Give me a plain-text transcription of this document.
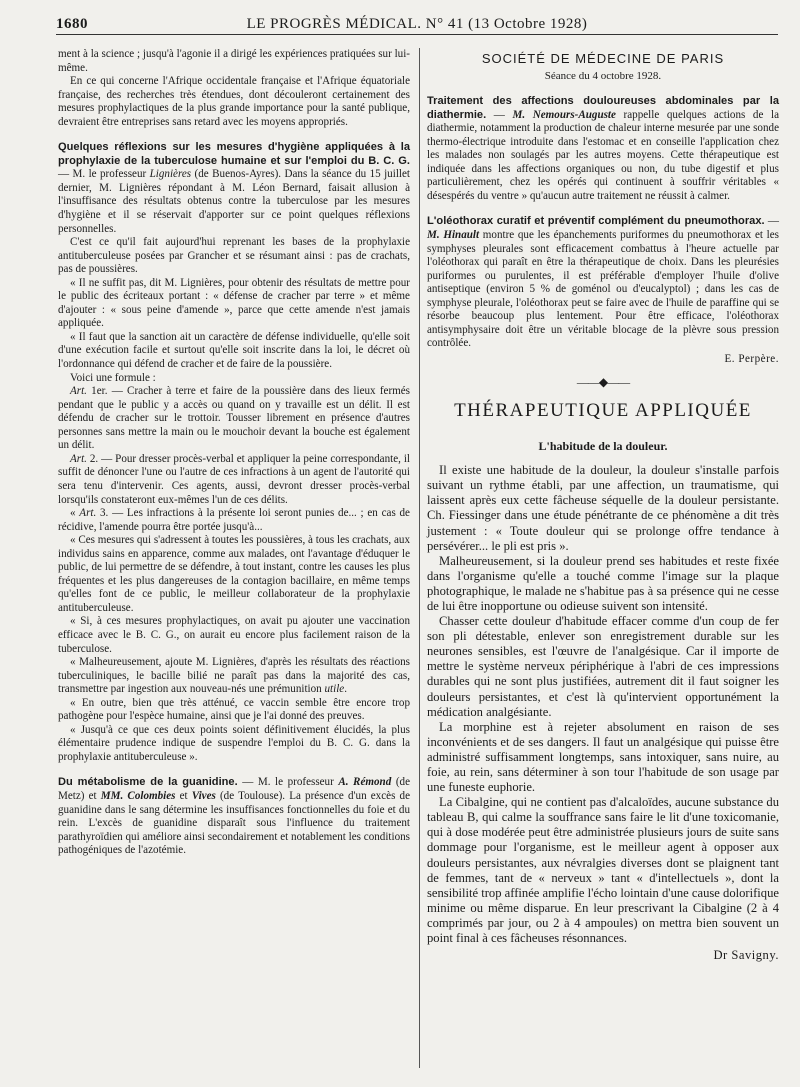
1680	LE PROGRÈS MÉDICAL. N° 41 (13 Octobre 1928)

ment à la science ; jusqu'à l'agonie il a dirigé les expériences pratiquées sur lui-même.

En ce qui concerne l'Afrique occidentale française et l'Afrique équatoriale française, des recherches très étendues, dont découleront certainement des mesures prophylactiques de la plus grande importance pour la santé publique, devraient être entreprises sans retard avec les moyens appropriés.

Quelques réflexions sur les mesures d'hygiène appliquées à la prophylaxie de la tuberculose humaine et sur l'emploi du B. C. G. — M. le professeur Lignières (de Buenos-Ayres). Dans la séance du 15 juillet dernier, M. Lignières répondant à M. Léon Bernard, faisait allusion à l'insuffisance des résultats obtenus contre la tuberculose par les mesures d'hygiène et il se réservait d'apporter sur ce point quelques réflexions personnelles.

C'est ce qu'il fait aujourd'hui reprenant les bases de la prophylaxie antituberculeuse posées par Grancher et se résumant ainsi : pas de crachats, pas de poussières.

« Il ne suffit pas, dit M. Lignières, pour obtenir des résultats de mettre pour le public des écriteaux portant : « défense de cracher par terre » et même d'ajouter : « sous peine d'amende », parce que cette amende n'est jamais appliquée.

« Il faut que la sanction ait un caractère de défense individuelle, qu'elle soit d'une exécution facile et surtout qu'elle soit inscrite dans la loi, le décret où l'ordonnance qui défend de cracher et de faire de la poussière.

Voici une formule :

Art. 1er. — Cracher à terre et faire de la poussière dans des lieux fermés pendant que le public y a accès ou quand on y travaille est un délit. Il est défendu de cracher sur le trottoir. Tousser librement en présence d'autres personnes sans mettre la main ou le mouchoir devant la bouche est également un délit.

Art. 2. — Pour dresser procès-verbal et appliquer la peine correspondante, il suffit de dénoncer l'une ou l'autre de ces infractions à un agent de l'autorité qui sera tenu d'intervenir. Ces agents, aussi, devront dresser procès-verbal lorsqu'ils constateront eux-mêmes l'un de ces délits.

« Art. 3. — Les infractions à la présente loi seront punies de... ; en cas de récidive, l'amende pourra être portée jusqu'à...

« Ces mesures qui s'adressent à toutes les poussières, à tous les crachats, aux individus sains en apparence, comme aux malades, ont l'avantage d'éduquer le public, de lui permettre de se défendre, à tout instant, contre les causes les plus fréquentes et les plus dangereuses de la contagion bacillaire, en même temps qu'elles font de ce public, le meilleur collaborateur de la prophylaxie antituberculeuse.

« Si, à ces mesures prophylactiques, on avait pu ajouter une vaccination efficace avec le B. C. G., on aurait eu encore plus facilement raison de la tuberculose.

« Malheureusement, ajoute M. Lignières, d'après les résultats des réactions tuberculiniques, le bacille bilié ne paraît pas dans la majorité des cas, transmettre par ingestion aux nouveau-nés une prémunition utile.

« En outre, bien que très atténué, ce vaccin semble être encore trop pathogène pour l'espèce humaine, ainsi que je l'ai donné des preuves.

« Jusqu'à ce que ces deux points soient définitivement élucidés, la plus élémentaire prudence indique de suspendre l'emploi du B. C. G. dans la prophylaxie antituberculeuse ».

Du métabolisme de la guanidine. — M. le professeur A. Rémond (de Metz) et MM. Colombies et Vives (de Toulouse). La présence d'un excès de guanidine dans le sang détermine les insuffisances fonctionnelles du foie et du rein. L'excès de guanidine disparaît sous l'influence du traitement parathyroïdien qui améliore ainsi secondairement et notablement les conditions pathogéniques de l'azotémie.

SOCIÉTÉ DE MÉDECINE DE PARIS
Séance du 4 octobre 1928.

Traitement des affections douloureuses abdominales par la diathermie. — M. Nemours-Auguste rappelle quelques actions de la diathermie, notamment la production de chaleur interne mesurée par une sonde thermo-électrique introduite dans l'estomac et en conseille l'application chez les malades non soulagés par les autres moyens. Cette thérapeutique est indiquée dans les affections organiques ou non, du tube digestif et plus particulièrement, chez les opérés qui continuent à souffrir véritables « désespérés du ventre » qu'aucun autre traitement ne réussit à calmer.

L'oléothorax curatif et préventif complément du pneumothorax. — M. Hinault montre que les épanchements puriformes du pneumothorax et les symphyses pleurales sont efficacement combattus à l'heure actuelle par l'oléothorax qui paraît en être la thérapeutique de choix. Dans les pleurésies puriformes ou purulentes, il est préférable d'employer l'huile d'olive antiseptique (environ 5 % de goménol ou d'eucalyptol) ; dans les cas de symphyse pleurale, l'oléothorax peut se faire avec de l'huile de paraffine qui se résorbe beaucoup plus lentement. Pour être efficace, l'oléothorax antisymphysaire doit être un véritable blocage de la plèvre sous pression contrôlée.

E. Perpère.
——◆——
THÉRAPEUTIQUE APPLIQUÉE
L'habitude de la douleur.

Il existe une habitude de la douleur, la douleur s'installe parfois suivant un rythme établi, par une affection, un traumatisme, qui laissent après eux cette fâcheuse séquelle de la douleur persistante. Ch. Fiessinger dans une étude pénétrante de ce phénomène a dit très justement : « Toute douleur qui se prolonge offre tendance à persévérer... le pli est pris ».

Malheureusement, si la douleur prend ses habitudes et reste fixée dans l'organisme qu'elle a touché comme l'image sur la plaque photographique, le malade ne s'habitue pas à sa présence qui ne cesse de lui être inopportune ou odieuse suivent son intensité.

Chasser cette douleur d'habitude effacer comme d'un coup de fer son pli détestable, enlever son enregistrement durable sur les neurones sensibles, est l'œuvre de l'analgésique. Car il importe de mettre le système nerveux périphérique à l'abri de ces impressions durables qui ne sont plus justifiées, autrement dit il faut soigner les douleurs persistantes, et c'est là qu'intervient opportunément la médication analgésiante.

La morphine est à rejeter absolument en raison de ses inconvénients et de ses dangers. Il faut un analgésique qui puisse être administré suffisamment longtemps, sans intoxiquer, sans nuire, au foie, au rein, sans déterminer à son tour l'habitude de son usage par une funeste euphorie.

La Cibalgine, qui ne contient pas d'alcaloïdes, aucune substance du tableau B, qui calme la souffrance sans faire le lit d'une toxicomanie, qui à dose modérée peut être administrée plusieurs jours de suite sans dommage pour l'organisme, est le meilleur agent à opposer aux douleurs persistantes, aux névralgies diverses dont se plaignent tant de femmes, tant de « nerveux » tant « d'intellectuels », dont la sensibilité trop affinée amplifie l'écho lointain d'une cause dolorifique minime ou même disparue. En leur prescrivant la Cibalgine (2 à 4 comprimés par jour, ou 2 à 4 ampoules) on mettra bien souvent un point final à ces fâcheuses résonnances.

Dr Savigny.
